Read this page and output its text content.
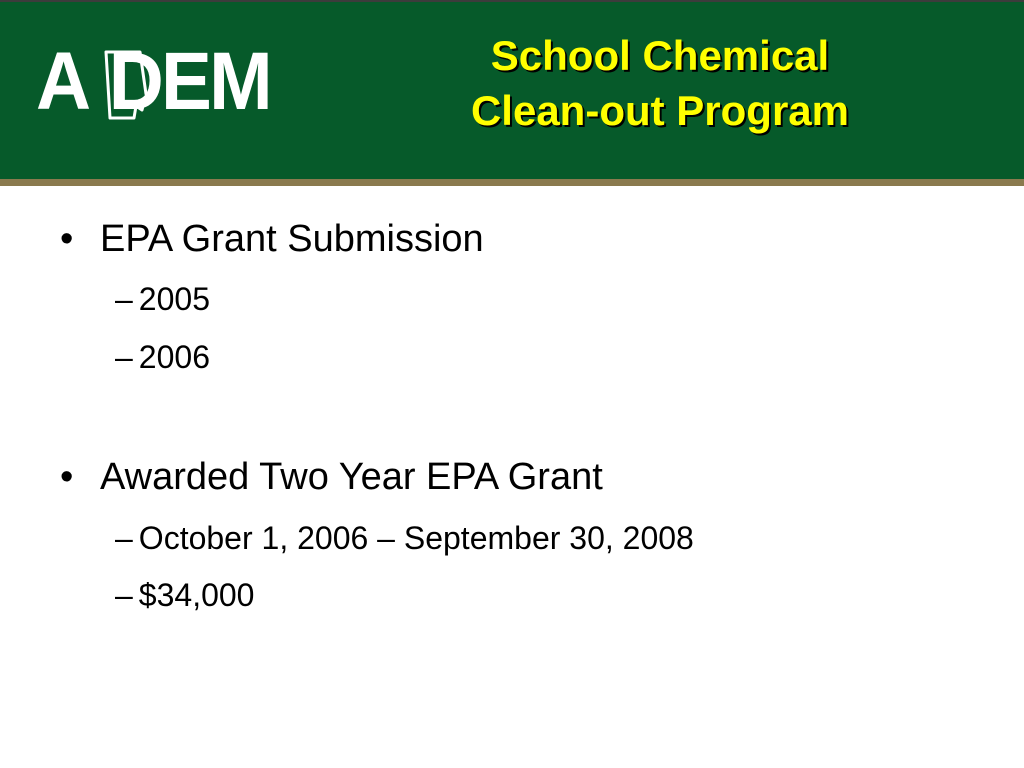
A DEM	School Chemical
Clean-out Program
• EPA Grant Submission
– 2005
– 2006
• Awarded Two Year EPA Grant
– October 1, 2006 – September 30, 2008
– $34,000
